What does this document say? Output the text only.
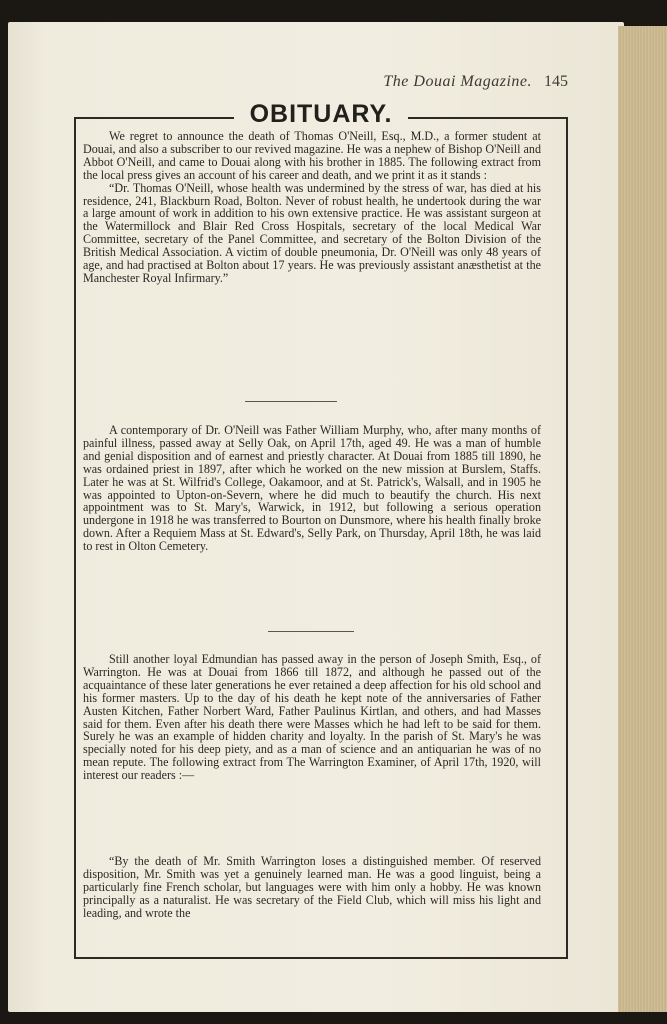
The Douai Magazine. 145
OBITUARY.

We regret to announce the death of Thomas O'Neill, Esq., M.D., a former student at Douai, and also a subscriber to our revived magazine. He was a nephew of Bishop O'Neill and Abbot O'Neill, and came to Douai along with his brother in 1885. The following extract from the local press gives an account of his career and death, and we print it as it stands :

“Dr. Thomas O'Neill, whose health was undermined by the stress of war, has died at his residence, 241, Blackburn Road, Bolton. Never of robust health, he undertook during the war a large amount of work in addition to his own extensive practice. He was assistant surgeon at the Watermillock and Blair Red Cross Hospitals, secretary of the local Medical War Committee, secretary of the Panel Committee, and secretary of the Bolton Division of the British Medical Association. A victim of double pneumonia, Dr. O'Neill was only 48 years of age, and had practised at Bolton about 17 years. He was previously assistant anæsthetist at the Manchester Royal Infirmary.”

A contemporary of Dr. O'Neill was Father William Murphy, who, after many months of painful illness, passed away at Selly Oak, on April 17th, aged 49. He was a man of humble and genial disposition and of earnest and priestly character. At Douai from 1885 till 1890, he was ordained priest in 1897, after which he worked on the new mission at Burslem, Staffs. Later he was at St. Wilfrid's College, Oakamoor, and at St. Patrick's, Walsall, and in 1905 he was appointed to Upton-on-Severn, where he did much to beautify the church. His next appointment was to St. Mary's, Warwick, in 1912, but following a serious operation undergone in 1918 he was transferred to Bourton on Dunsmore, where his health finally broke down. After a Requiem Mass at St. Edward's, Selly Park, on Thursday, April 18th, he was laid to rest in Olton Cemetery.

Still another loyal Edmundian has passed away in the person of Joseph Smith, Esq., of Warrington. He was at Douai from 1866 till 1872, and although he passed out of the acquaintance of these later generations he ever retained a deep affection for his old school and his former masters. Up to the day of his death he kept note of the anniversaries of Father Austen Kitchen, Father Norbert Ward, Father Paulinus Kirtlan, and others, and had Masses said for them. Even after his death there were Masses which he had left to be said for them. Surely he was an example of hidden charity and loyalty. In the parish of St. Mary's he was specially noted for his deep piety, and as a man of science and an antiquarian he was of no mean repute. The following extract from The Warrington Examiner, of April 17th, 1920, will interest our readers :—

“By the death of Mr. Smith Warrington loses a distinguished member. Of reserved disposition, Mr. Smith was yet a genuinely learned man. He was a good linguist, being a particularly fine French scholar, but languages were with him only a hobby. He was known principally as a naturalist. He was secretary of the Field Club, which will miss his light and leading, and wrote the
